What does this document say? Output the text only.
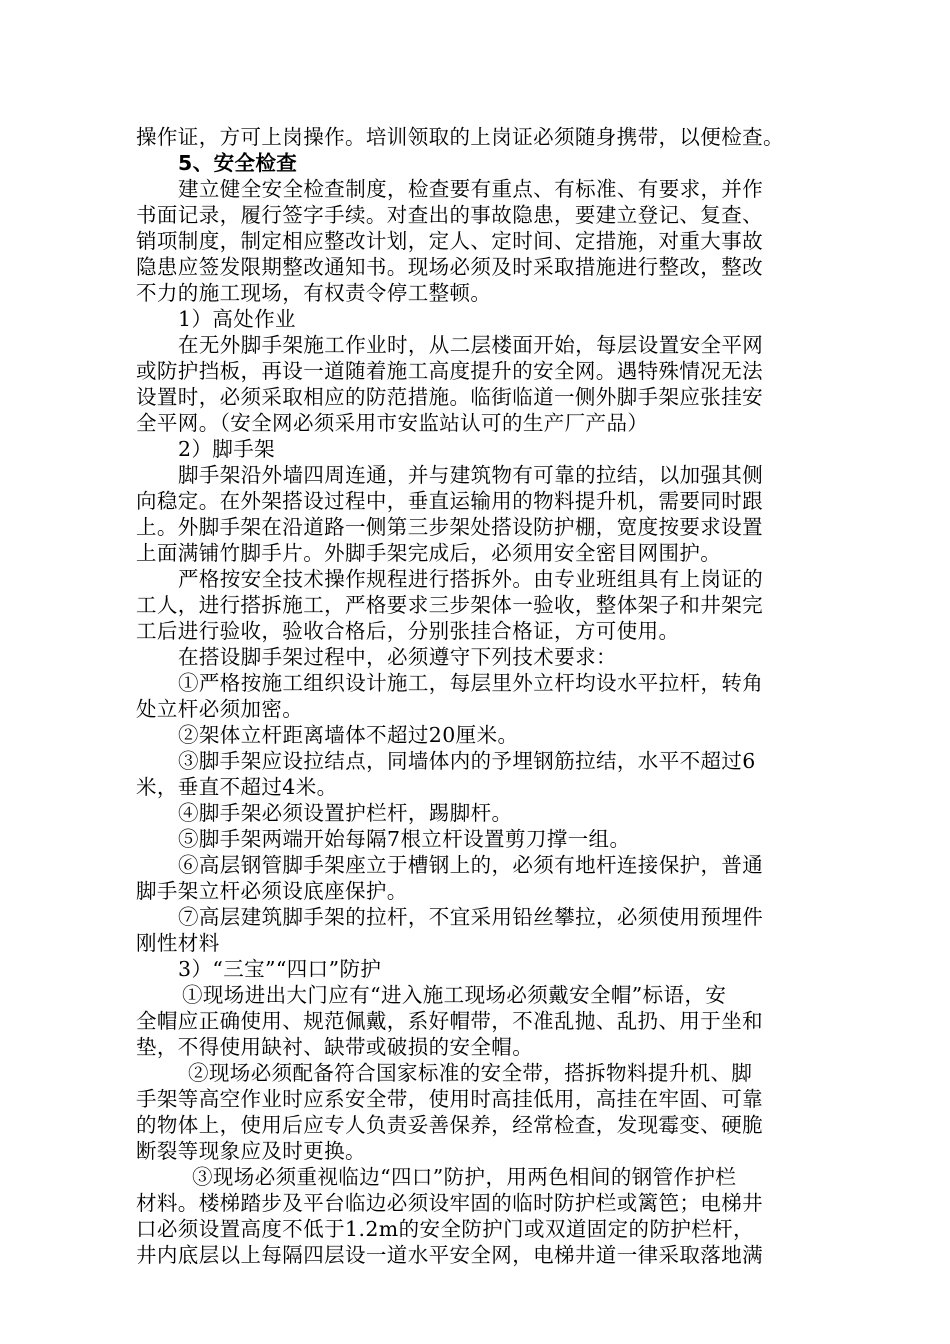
操作证，方可上岗操作。培训领取的上岗证必须随身携带，以便检查。

5、安全检查

建立健全安全检查制度，检查要有重点、有标准、有要求，并作

书面记录，履行签字手续。对查出的事故隐患，要建立登记、复查、

销项制度，制定相应整改计划，定人、定时间、定措施，对重大事故

隐患应签发限期整改通知书。现场必须及时采取措施进行整改，整改

不力的施工现场，有权责令停工整顿。

1）高处作业

在无外脚手架施工作业时，从二层楼面开始，每层设置安全平网

或防护挡板，再设一道随着施工高度提升的安全网。遇特殊情况无法

设置时，必须采取相应的防范措施。临街临道一侧外脚手架应张挂安

全平网。（安全网必须采用市安监站认可的生产厂产品）

2）脚手架

脚手架沿外墙四周连通，并与建筑物有可靠的拉结，以加强其侧

向稳定。在外架搭设过程中，垂直运输用的物料提升机，需要同时跟

上。外脚手架在沿道路一侧第三步架处搭设防护棚，宽度按要求设置

上面满铺竹脚手片。外脚手架完成后，必须用安全密目网围护。

严格按安全技术操作规程进行搭拆外。由专业班组具有上岗证的

工人，进行搭拆施工，严格要求三步架体一验收，整体架子和井架完

工后进行验收，验收合格后，分别张挂合格证，方可使用。

在搭设脚手架过程中，必须遵守下列技术要求：

①严格按施工组织设计施工，每层里外立杆均设水平拉杆，转角

处立杆必须加密。

②架体立杆距离墙体不超过20厘米。

③脚手架应设拉结点，同墙体内的予埋钢筋拉结，水平不超过6

米，垂直不超过4米。

④脚手架必须设置护栏杆，踢脚杆。

⑤脚手架两端开始每隔7根立杆设置剪刀撑一组。

⑥高层钢管脚手架座立于槽钢上的，必须有地杆连接保护，普通

脚手架立杆必须设底座保护。

⑦高层建筑脚手架的拉杆，不宜采用铅丝攀拉，必须使用预埋件

刚性材料

3）“三宝”“四口”防护

①现场进出大门应有“进入施工现场必须戴安全帽”标语，安

全帽应正确使用、规范佩戴，系好帽带，不准乱抛、乱扔、用于坐和

垫，不得使用缺衬、缺带或破损的安全帽。

②现场必须配备符合国家标准的安全带，搭拆物料提升机、脚

手架等高空作业时应系安全带，使用时高挂低用，高挂在牢固、可靠

的物体上，使用后应专人负责妥善保养，经常检查，发现霉变、硬脆

断裂等现象应及时更换。

③现场必须重视临边“四口”防护，用两色相间的钢管作护栏

材料。楼梯踏步及平台临边必须设牢固的临时防护栏或篱笆；电梯井

口必须设置高度不低于1.2m的安全防护门或双道固定的防护栏杆，

井内底层以上每隔四层设一道水平安全网，电梯井道一律采取落地满
